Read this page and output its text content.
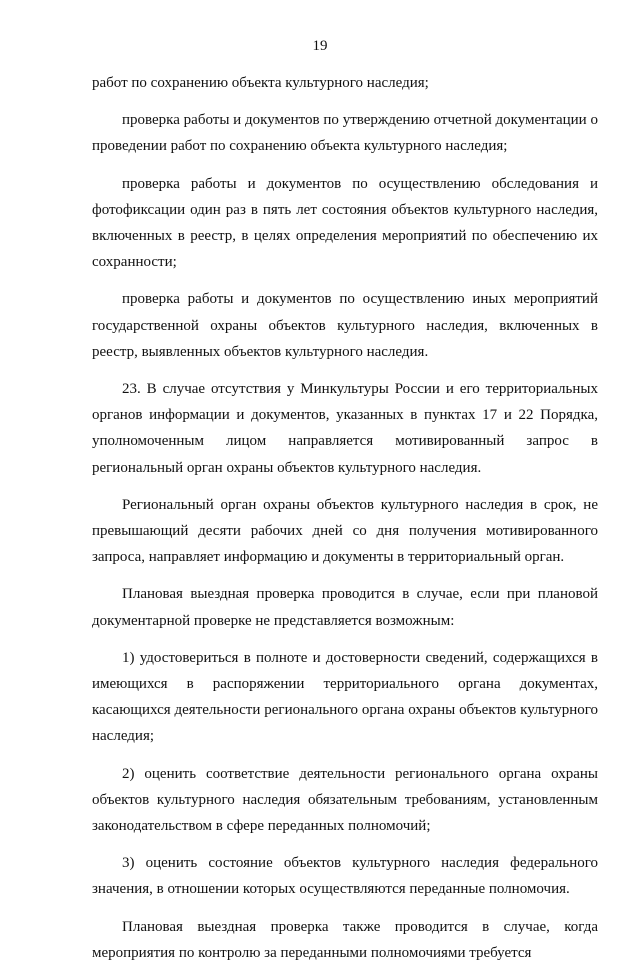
19

работ по сохранению объекта культурного наследия;

проверка работы и документов по утверждению отчетной документации о проведении работ по сохранению объекта культурного наследия;

проверка работы и документов по осуществлению обследования и фотофиксации один раз в пять лет состояния объектов культурного наследия, включенных в реестр, в целях определения мероприятий по обеспечению их сохранности;

проверка работы и документов по осуществлению иных мероприятий государственной охраны объектов культурного наследия, включенных в реестр, выявленных объектов культурного наследия.

23. В случае отсутствия у Минкультуры России и его территориальных органов информации и документов, указанных в пунктах 17 и 22 Порядка, уполномоченным лицом направляется мотивированный запрос в региональный орган охраны объектов культурного наследия.

Региональный орган охраны объектов культурного наследия в срок, не превышающий десяти рабочих дней со дня получения мотивированного запроса, направляет информацию и документы в территориальный орган.

Плановая выездная проверка проводится в случае, если при плановой документарной проверке не представляется возможным:

1) удостовериться в полноте и достоверности сведений, содержащихся в имеющихся в распоряжении территориального органа документах, касающихся деятельности регионального органа охраны объектов культурного наследия;

2) оценить соответствие деятельности регионального органа охраны объектов культурного наследия обязательным требованиям, установленным законодательством в сфере переданных полномочий;

3) оценить состояние объектов культурного наследия федерального значения, в отношении которых осуществляются переданные полномочия.

Плановая выездная проверка также проводится в случае, когда мероприятия по контролю за переданными полномочиями требуется
